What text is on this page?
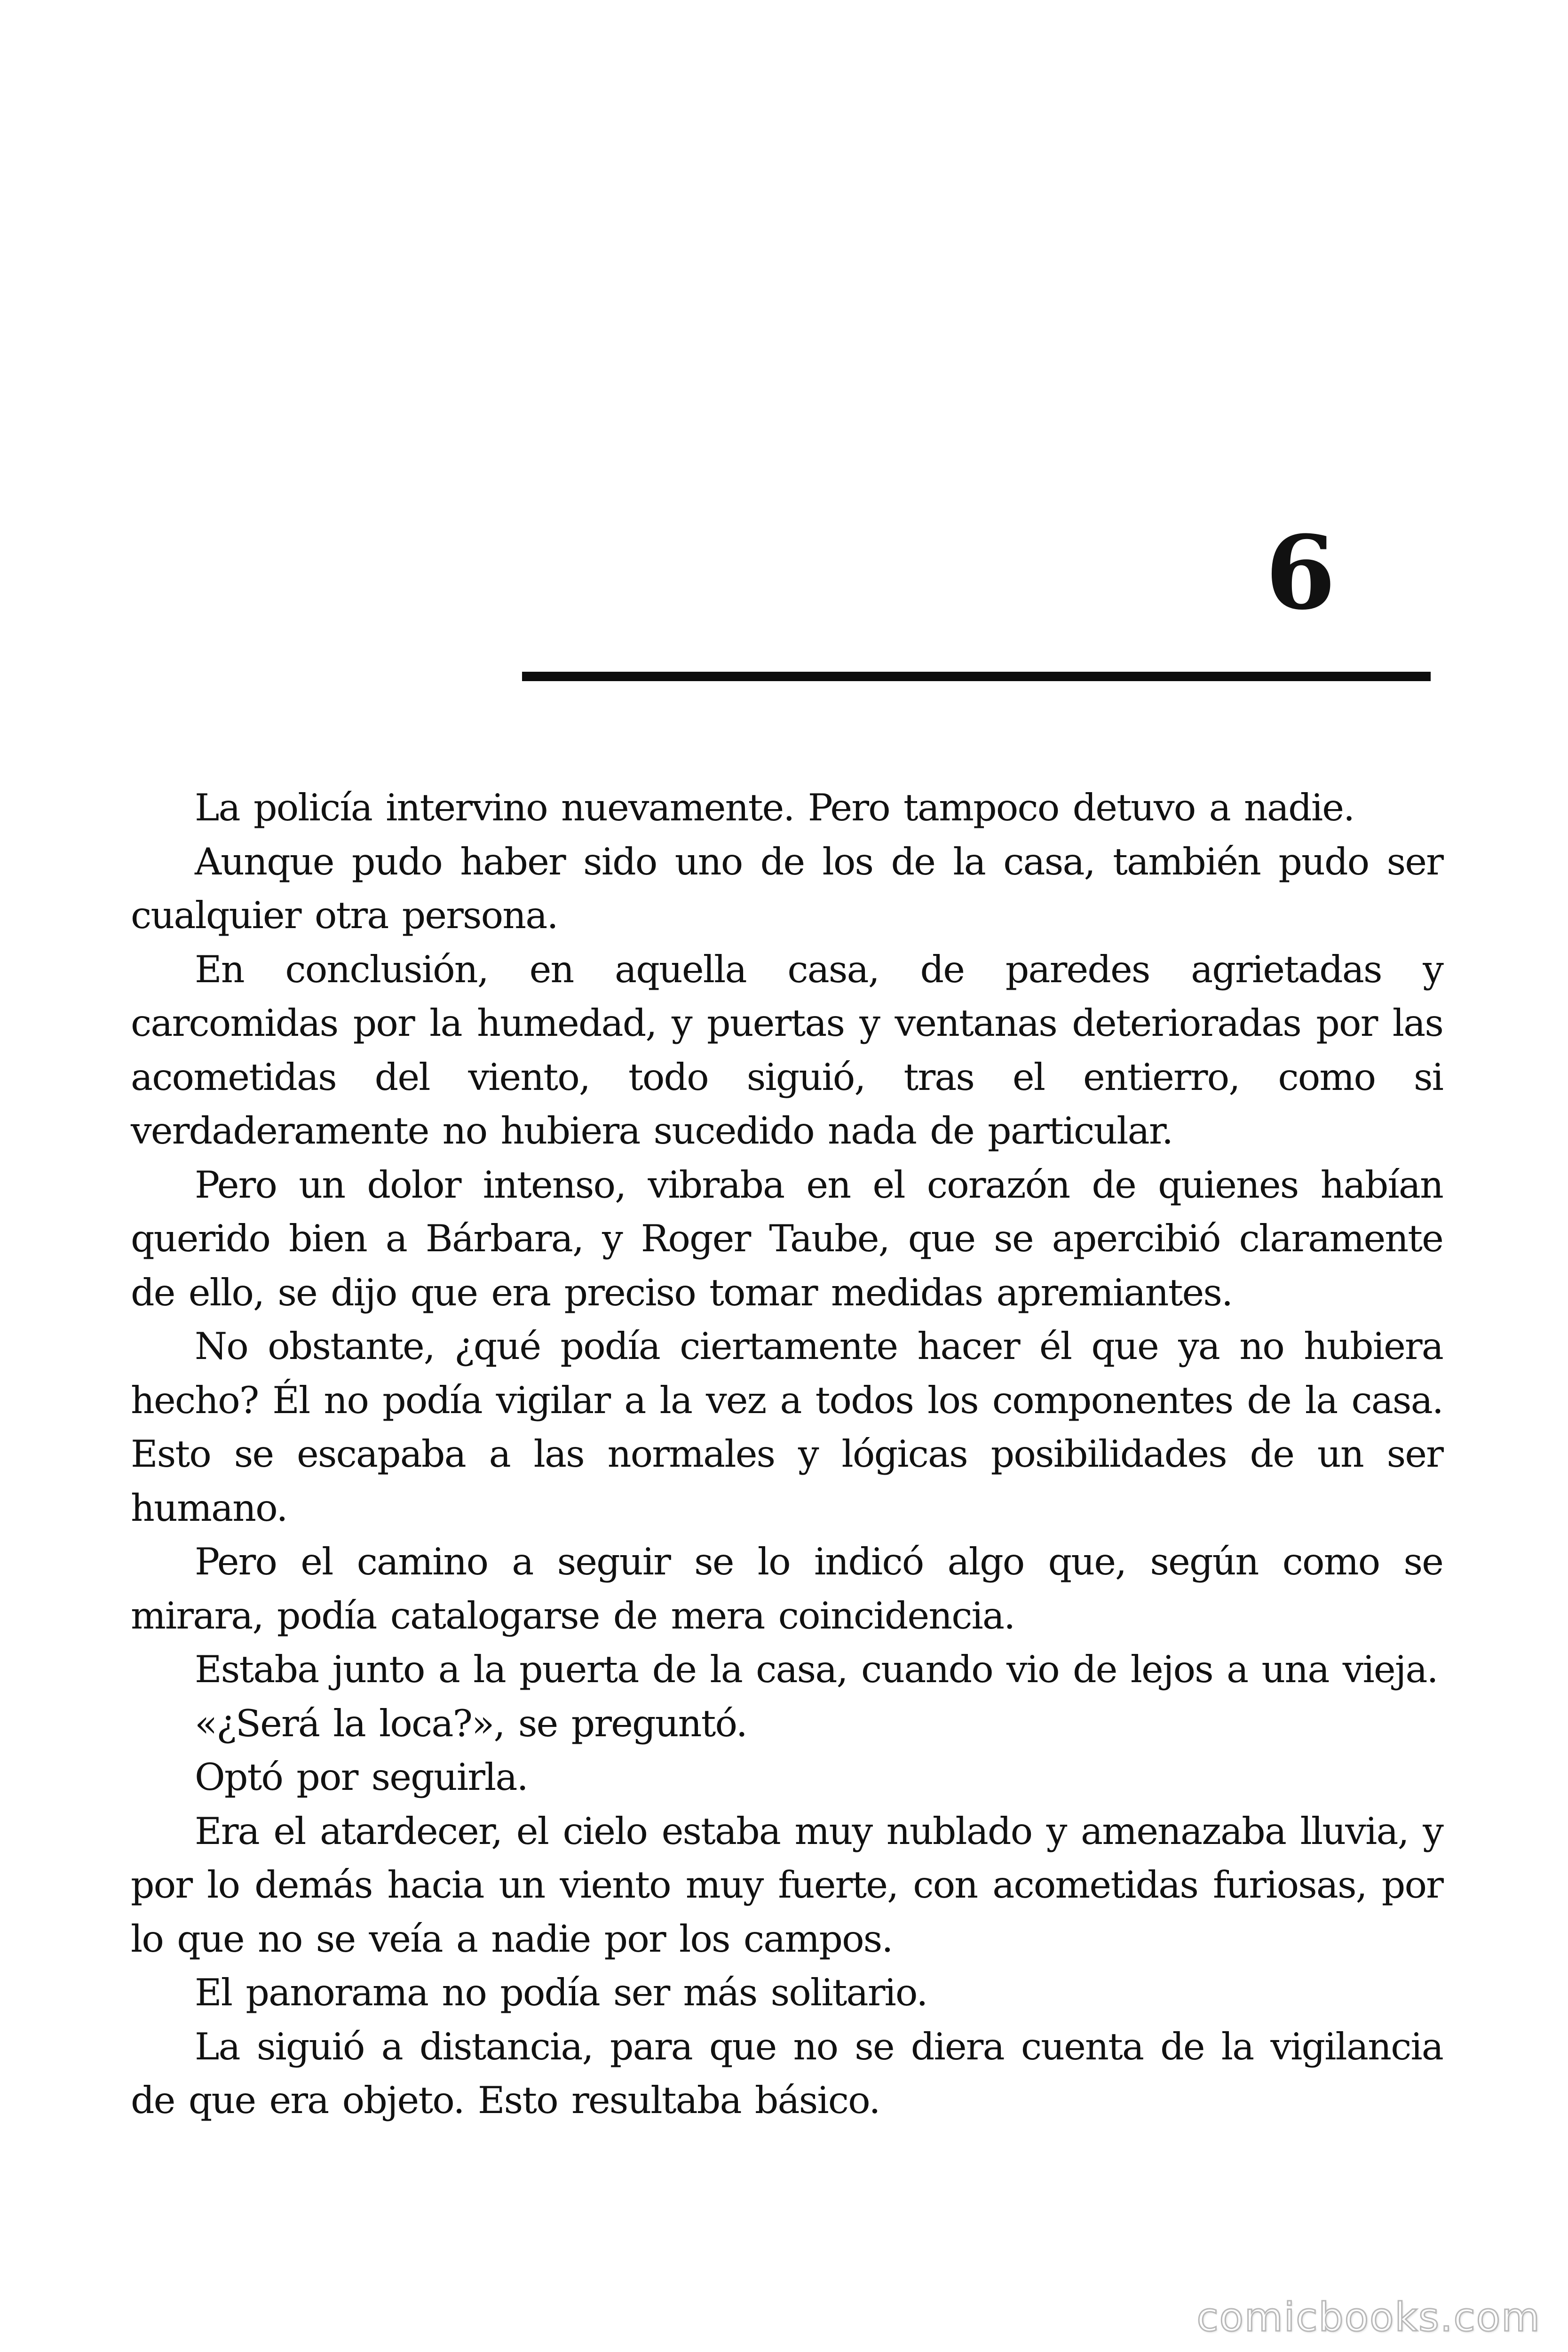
6

La policía intervino nuevamente. Pero tampoco detuvo a nadie.

Aunque pudo haber sido uno de los de la casa, también pudo ser cualquier otra persona.

En conclusión, en aquella casa, de paredes agrietadas y carcomidas por la humedad, y puertas y ventanas deterioradas por las acometidas del viento, todo siguió, tras el entierro, como si verdaderamente no hubiera sucedido nada de particular.

Pero un dolor intenso, vibraba en el corazón de quienes habían querido bien a Bárbara, y Roger Taube, que se apercibió claramente de ello, se dijo que era preciso tomar medidas apremiantes.

No obstante, ¿qué podía ciertamente hacer él que ya no hubiera hecho? Él no podía vigilar a la vez a todos los componentes de la casa. Esto se escapaba a las normales y lógicas posibilidades de un ser humano.

Pero el camino a seguir se lo indicó algo que, según como se mirara, podía catalogarse de mera coincidencia.

Estaba junto a la puerta de la casa, cuando vio de lejos a una vieja.

«¿Será la loca?», se preguntó.

Optó por seguirla.

Era el atardecer, el cielo estaba muy nublado y amenazaba lluvia, y por lo demás hacia un viento muy fuerte, con acometidas furiosas, por lo que no se veía a nadie por los campos.

El panorama no podía ser más solitario.

La siguió a distancia, para que no se diera cuenta de la vigilancia de que era objeto. Esto resultaba básico.

comicbooks.com
